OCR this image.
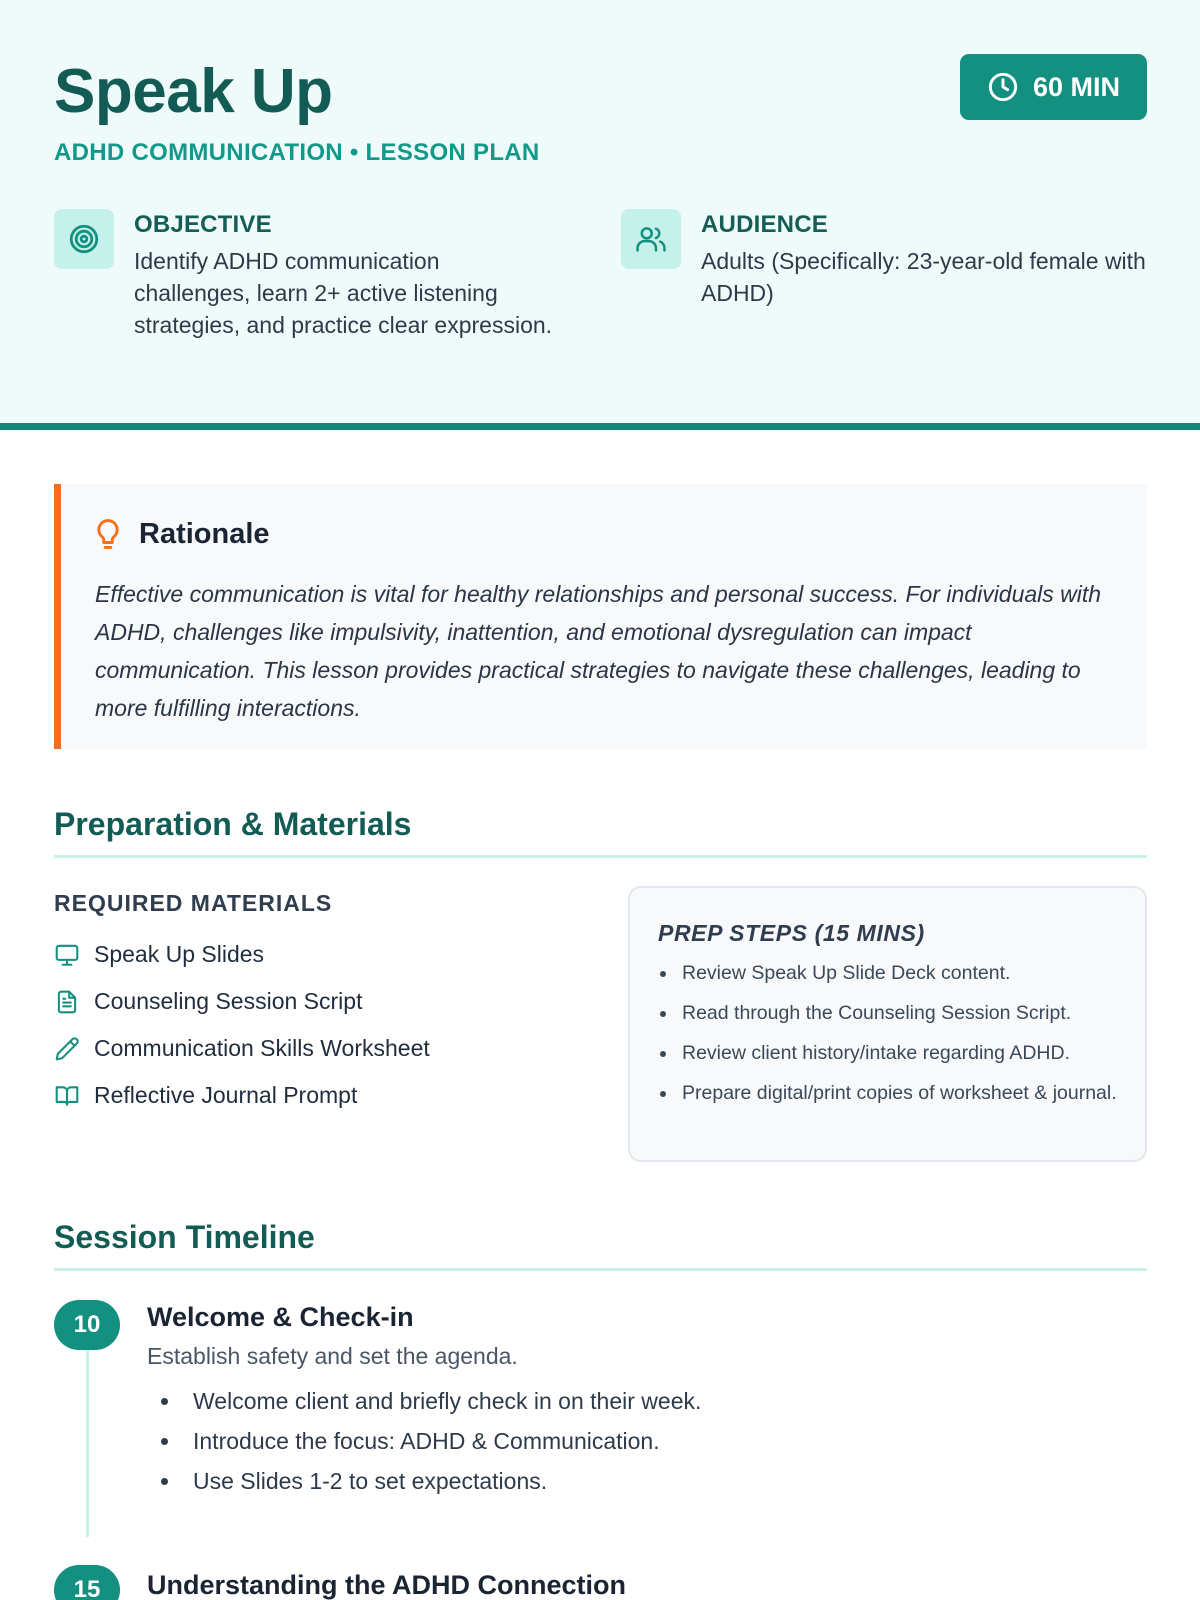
Speak Up
ADHD COMMUNICATION • LESSON PLAN
60 MIN
OBJECTIVE
Identify ADHD communication challenges, learn 2+ active listening strategies, and practice clear expression.
AUDIENCE
Adults (Specifically: 23-year-old female with ADHD)
Rationale

Effective communication is vital for healthy relationships and personal success. For individuals with ADHD, challenges like impulsivity, inattention, and emotional dysregulation can impact communication. This lesson provides practical strategies to navigate these challenges, leading to more fulfilling interactions.

Preparation & Materials
REQUIRED MATERIALS
Speak Up Slides
Counseling Session Script
Communication Skills Worksheet
Reflective Journal Prompt
PREP STEPS (15 MINS)
Review Speak Up Slide Deck content.
Read through the Counseling Session Script.
Review client history/intake regarding ADHD.
Prepare digital/print copies of worksheet & journal.
Session Timeline
10	Welcome & Check-in
Establish safety and set the agenda.
Welcome client and briefly check in on their week.
Introduce the focus: ADHD & Communication.
Use Slides 1-2 to set expectations.
15	Understanding the ADHD Connection
